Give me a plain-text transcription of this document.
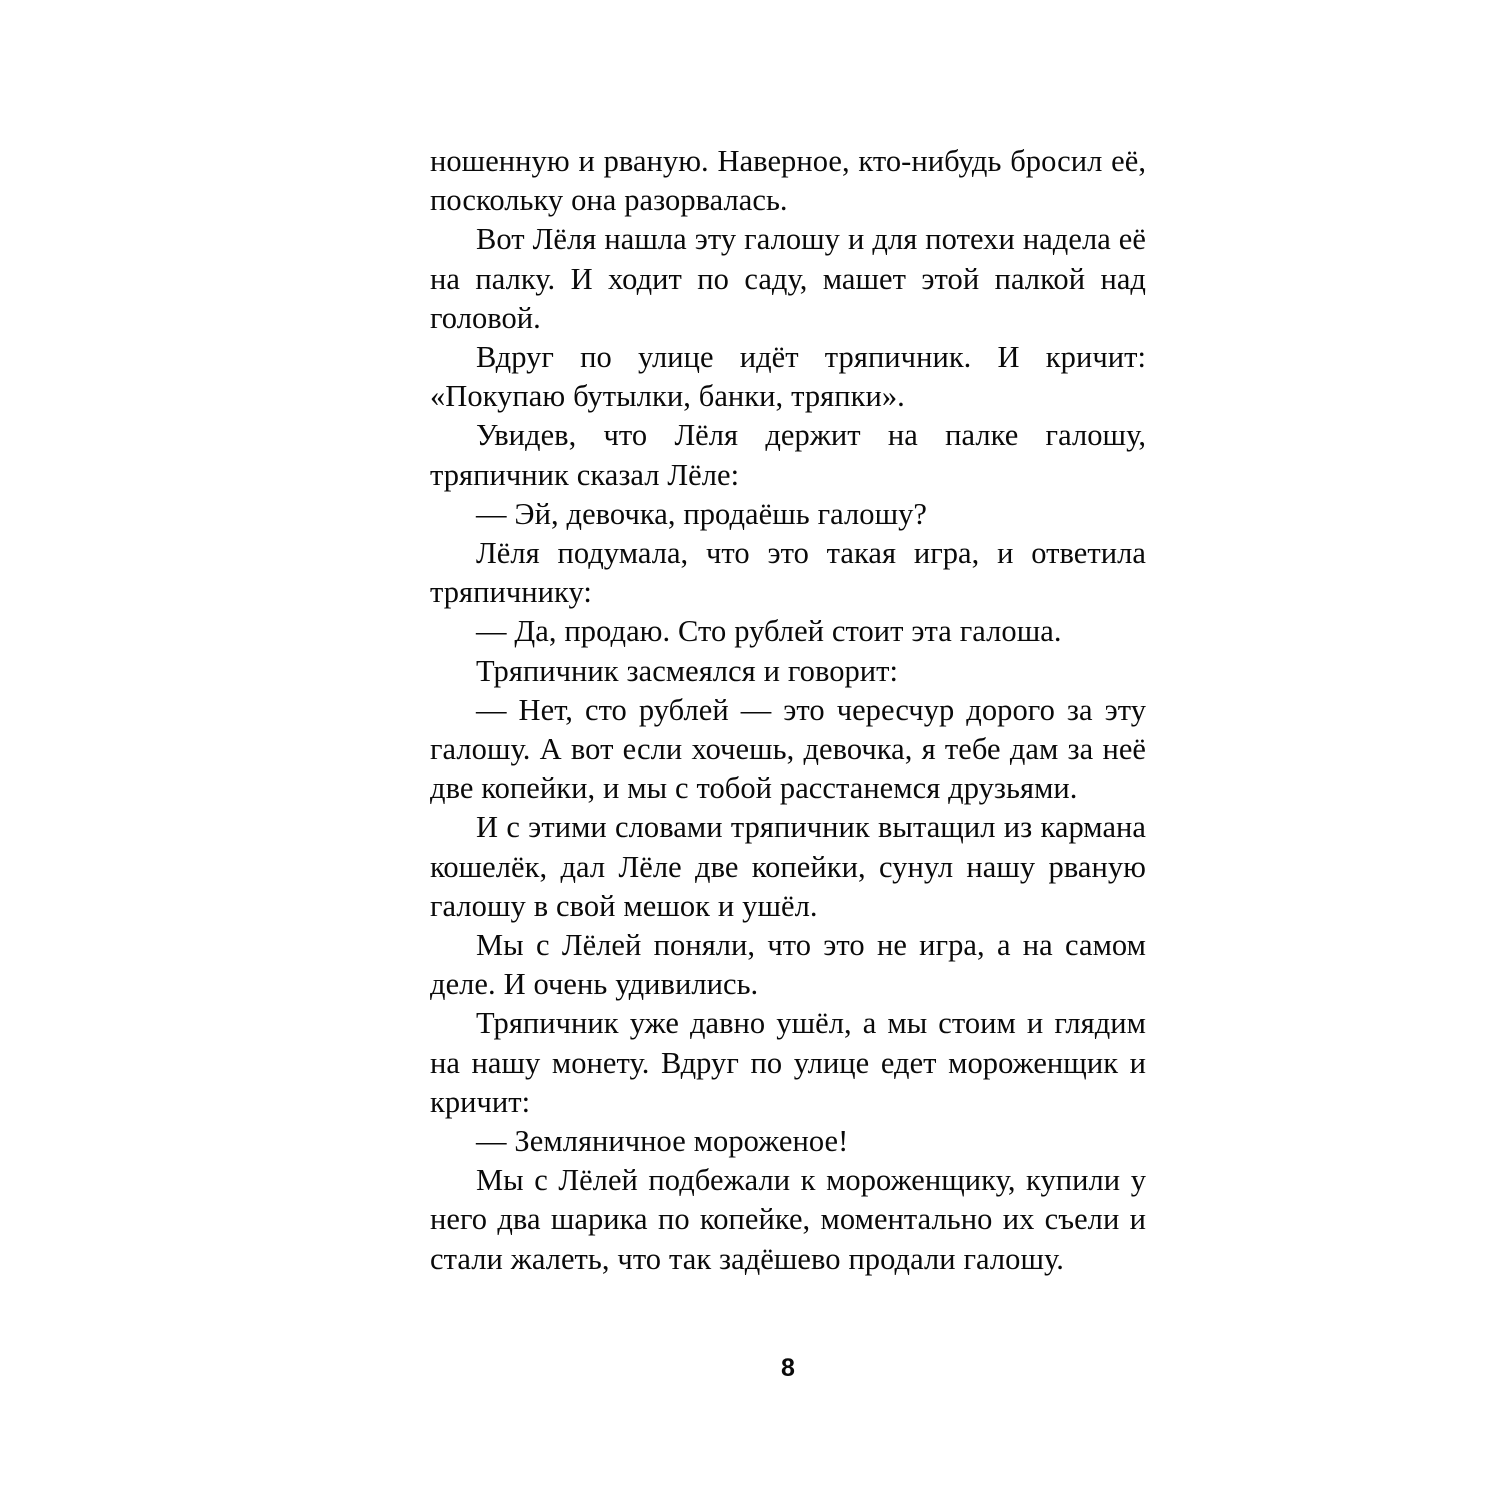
ношенную и рваную. Наверное, кто-нибудь бросил её, поскольку она разорвалась.

Вот Лёля нашла эту галошу и для потехи надела её на палку. И ходит по саду, машет этой палкой над головой.

Вдруг по улице идёт тряпичник. И кричит: «Покупаю бутылки, банки, тряпки».

Увидев, что Лёля держит на палке галошу, тряпичник сказал Лёле:

— Эй, девочка, продаёшь галошу?

Лёля подумала, что это такая игра, и ответила тряпичнику:

— Да, продаю. Сто рублей стоит эта галоша.

Тряпичник засмеялся и говорит:

— Нет, сто рублей — это чересчур дорого за эту галошу. А вот если хочешь, девочка, я тебе дам за неё две копейки, и мы с тобой расстанемся друзьями.

И с этими словами тряпичник вытащил из кармана кошелёк, дал Лёле две копейки, сунул нашу рваную галошу в свой мешок и ушёл.

Мы с Лёлей поняли, что это не игра, а на самом деле. И очень удивились.

Тряпичник уже давно ушёл, а мы стоим и глядим на нашу монету. Вдруг по улице едет мороженщик и кричит:

— Земляничное мороженое!

Мы с Лёлей подбежали к мороженщику, купили у него два шарика по копейке, моментально их съели и стали жалеть, что так задёшево продали галошу.

8
